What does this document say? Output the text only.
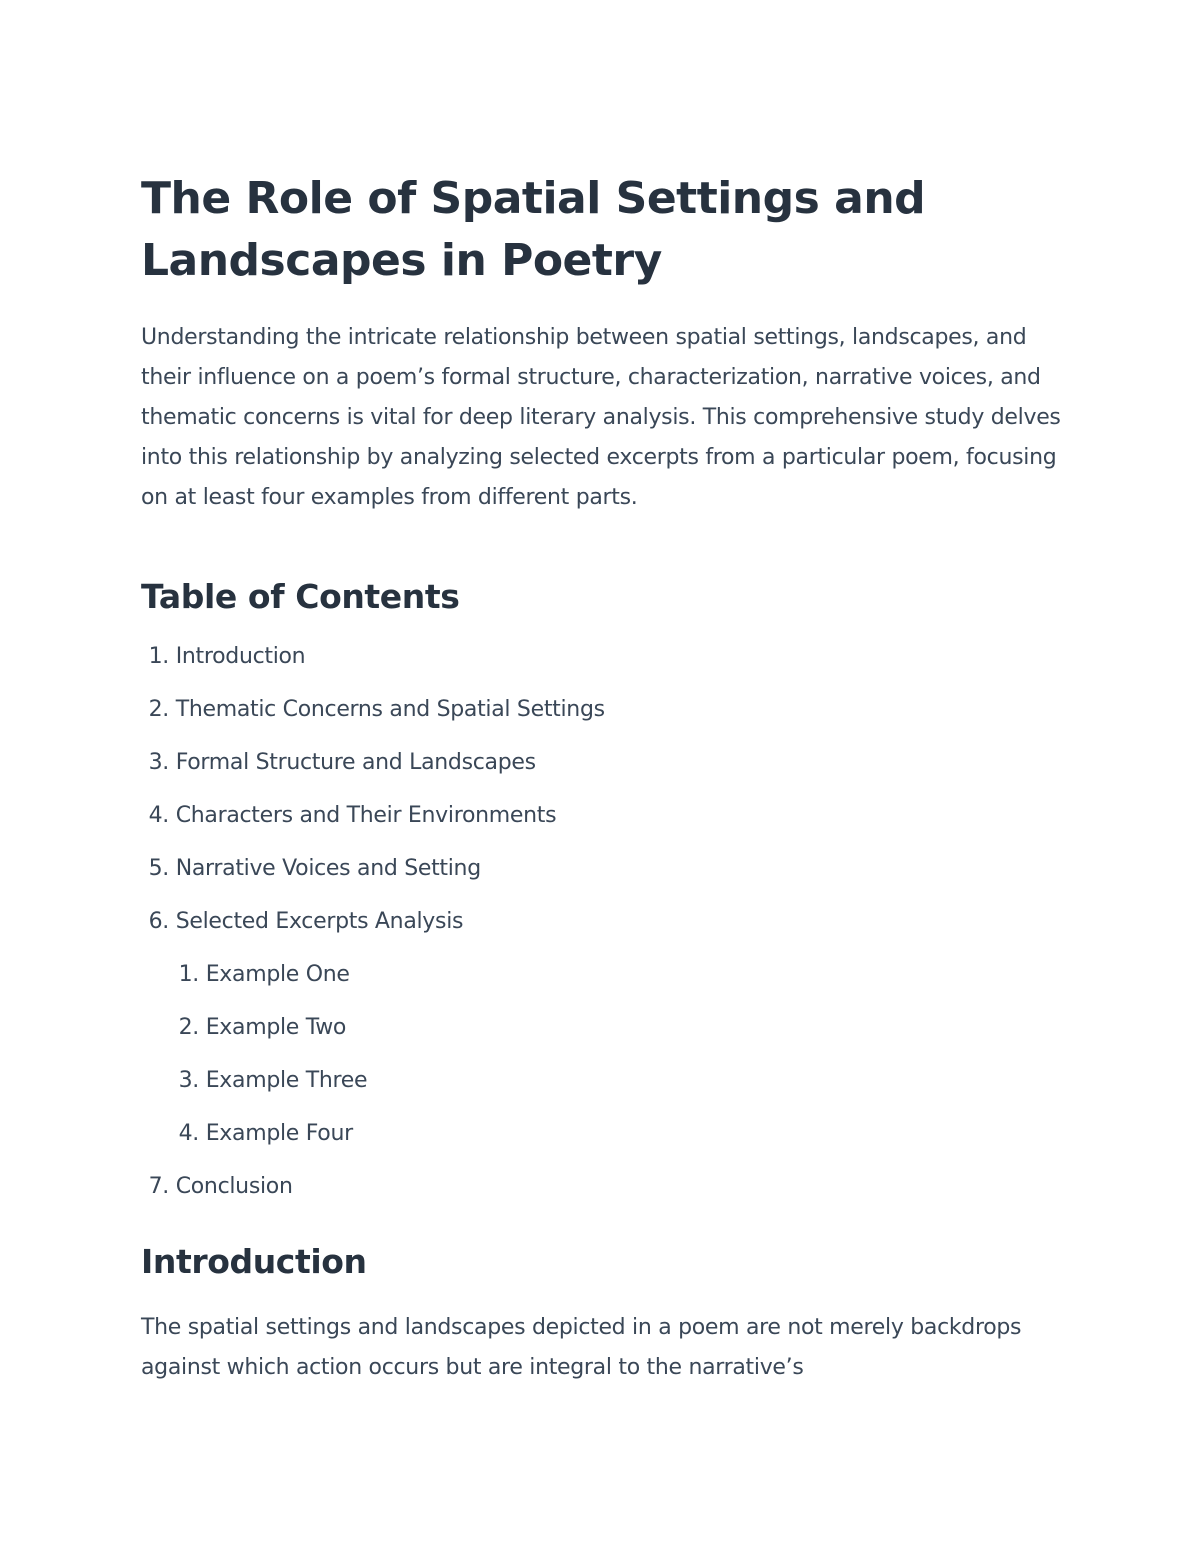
The Role of Spatial Settings and Landscapes in Poetry

Understanding the intricate relationship between spatial settings, landscapes, and their influence on a poem’s formal structure, characterization, narrative voices, and thematic concerns is vital for deep literary analysis. This comprehensive study delves into this relationship by analyzing selected excerpts from a particular poem, focusing on at least four examples from different parts.

Table of Contents
1. Introduction
2. Thematic Concerns and Spatial Settings
3. Formal Structure and Landscapes
4. Characters and Their Environments
5. Narrative Voices and Setting
6. Selected Excerpts Analysis
1. Example One
2. Example Two
3. Example Three
4. Example Four
7. Conclusion
Introduction

The spatial settings and landscapes depicted in a poem are not merely backdrops against which action occurs but are integral to the narrative’s
